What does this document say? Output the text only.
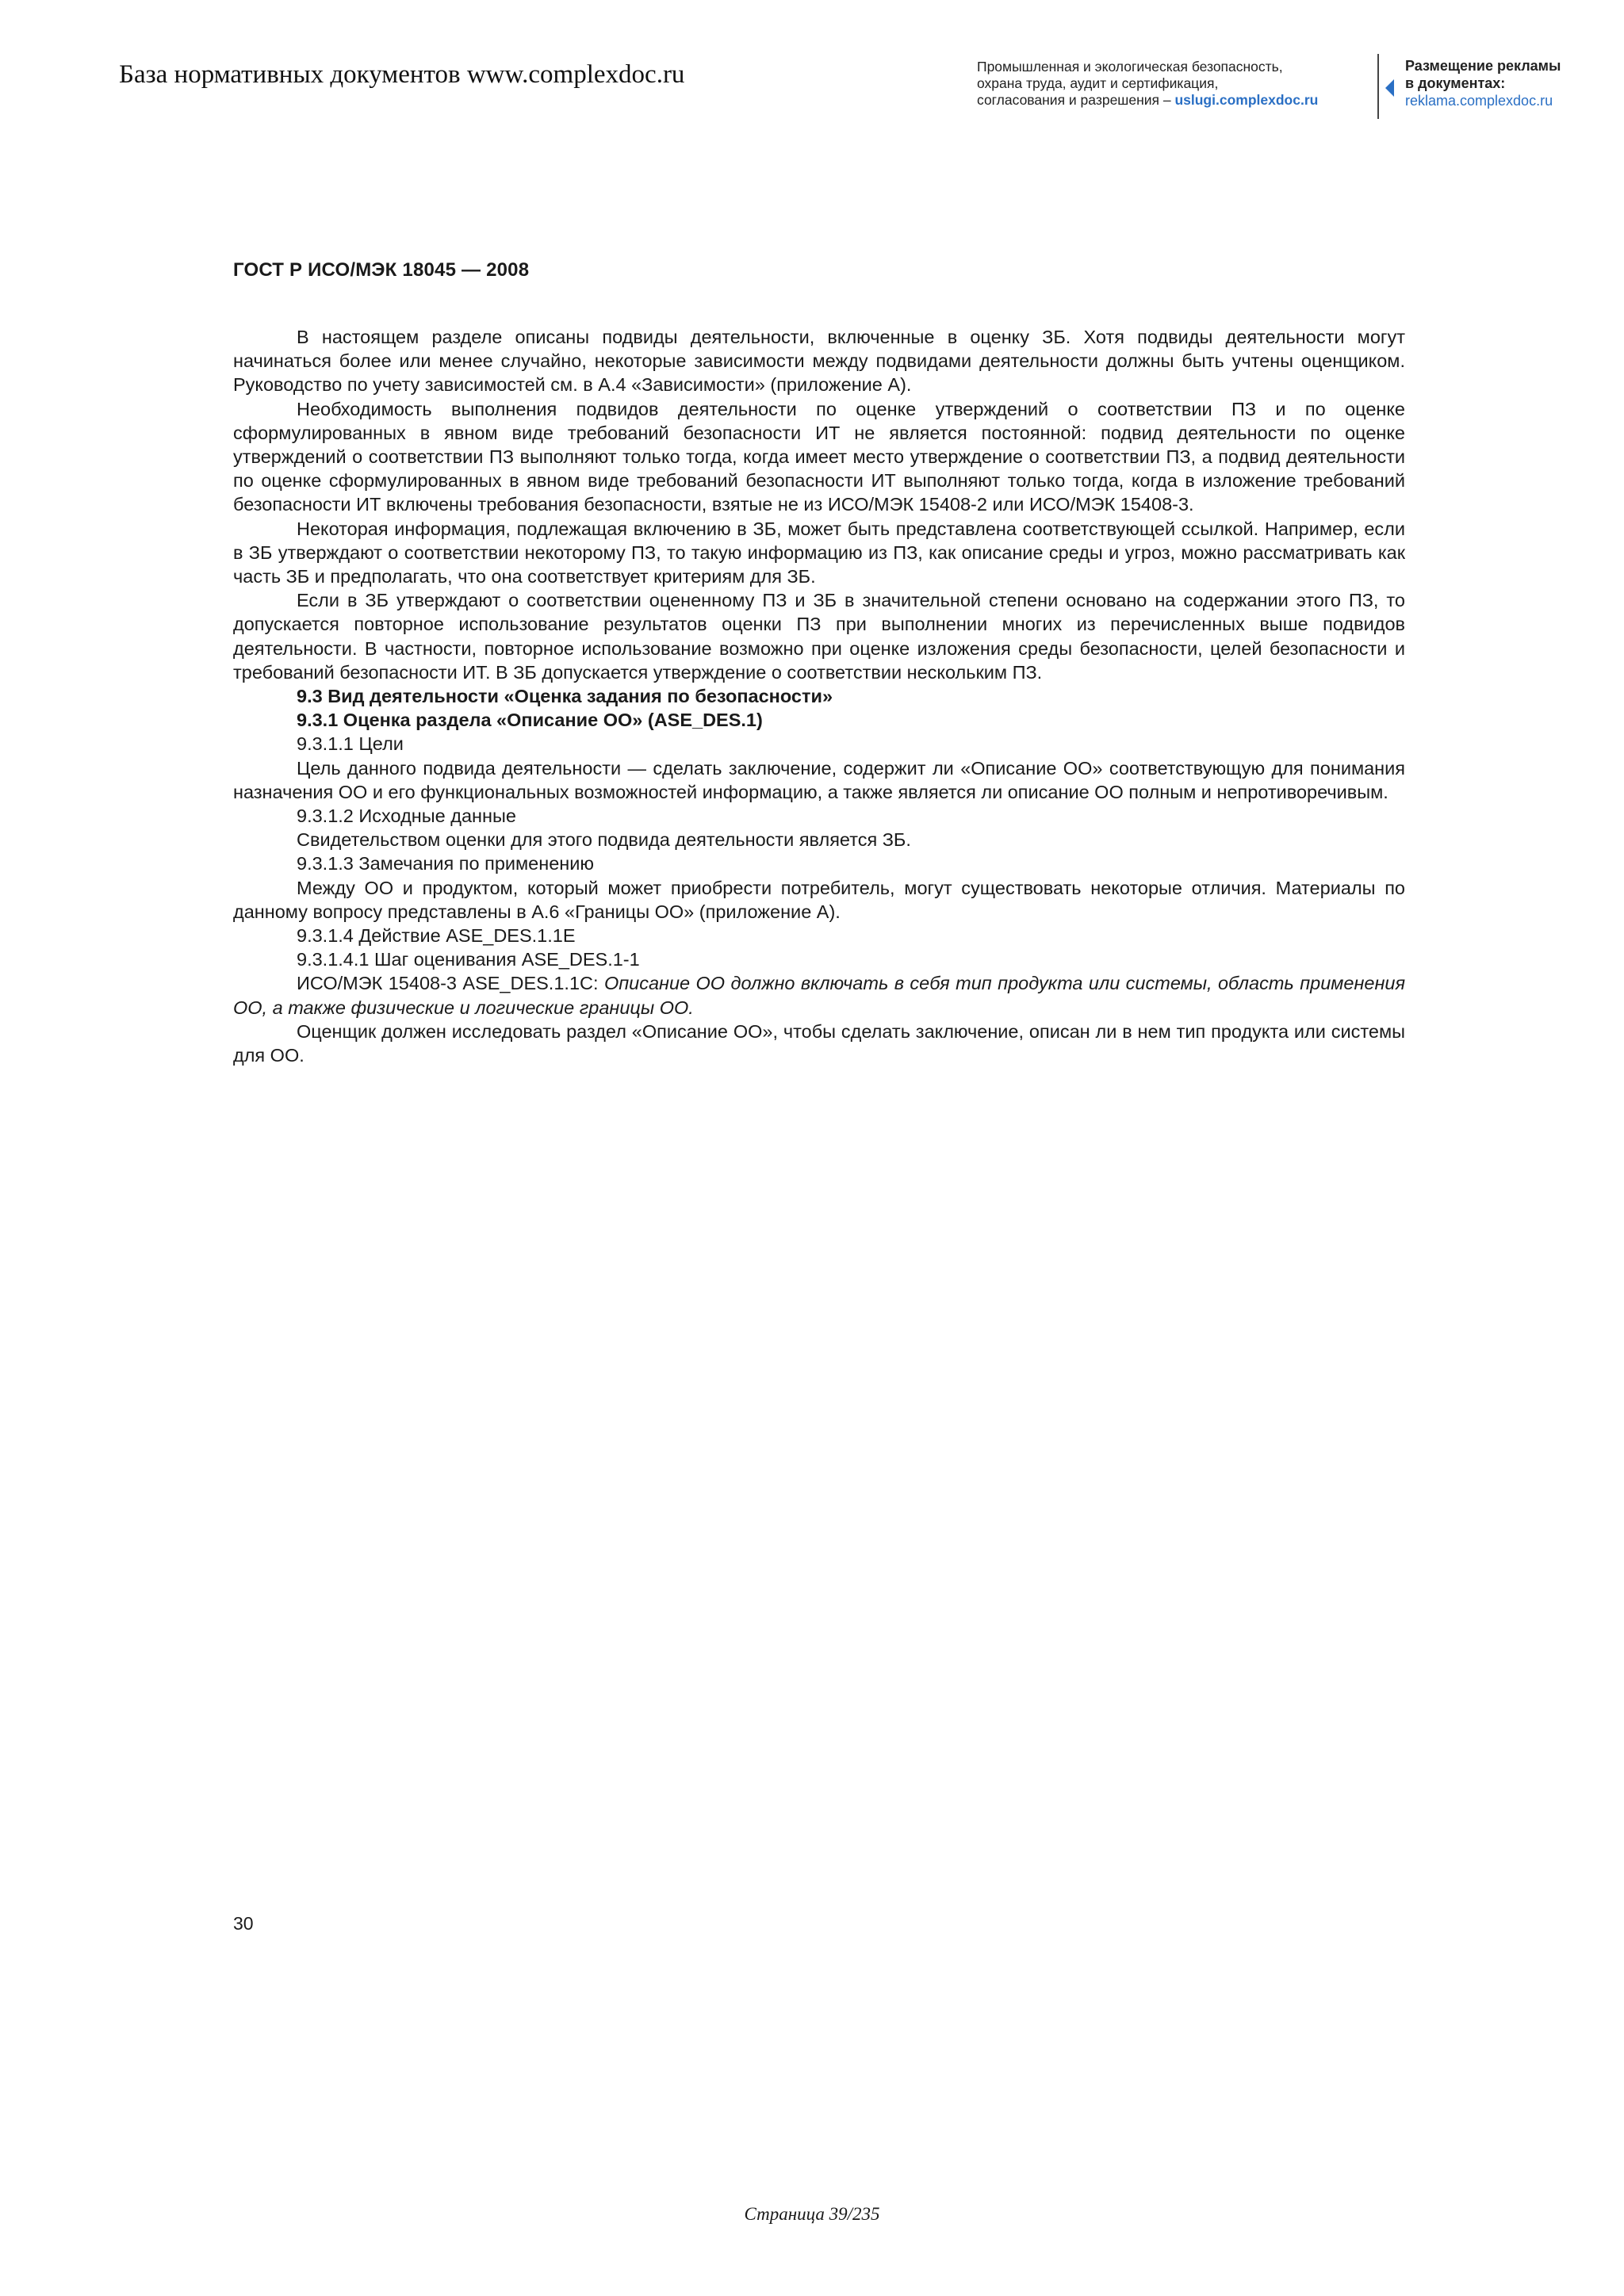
База нормативных документов www.complexdoc.ru	Промышленная и экологическая безопасность,
охрана труда, аудит и сертификация,
согласования и разрешения – uslugi.complexdoc.ru
Размещение рекламы
в документах:
reklama.complexdoc.ru
ГОСТ Р ИСО/МЭК 18045 — 2008

В настоящем разделе описаны подвиды деятельности, включенные в оценку ЗБ. Хотя подвиды деятельности могут начинаться более или менее случайно, некоторые зависимости между подвидами деятельности должны быть учтены оценщиком. Руководство по учету зависимостей см. в А.4 «Зависимости» (приложение А).

Необходимость выполнения подвидов деятельности по оценке утверждений о соответствии ПЗ и по оценке сформулированных в явном виде требований безопасности ИТ не является постоянной: подвид деятельности по оценке утверждений о соответствии ПЗ выполняют только тогда, когда имеет место утверждение о соответствии ПЗ, а подвид деятельности по оценке сформулированных в явном виде требований безопасности ИТ выполняют только тогда, когда в изложение требований безопасности ИТ включены требования безопасности, взятые не из ИСО/МЭК 15408-2 или ИСО/МЭК 15408-3.

Некоторая информация, подлежащая включению в ЗБ, может быть представлена соответствующей ссылкой. Например, если в ЗБ утверждают о соответствии некоторому ПЗ, то такую информацию из ПЗ, как описание среды и угроз, можно рассматривать как часть ЗБ и предполагать, что она соответствует критериям для ЗБ.

Если в ЗБ утверждают о соответствии оцененному ПЗ и ЗБ в значительной степени основано на содержании этого ПЗ, то допускается повторное использование результатов оценки ПЗ при выполнении многих из перечисленных выше подвидов деятельности. В частности, повторное использование возможно при оценке изложения среды безопасности, целей безопасности и требований безопасности ИТ. В ЗБ допускается утверждение о соответствии нескольким ПЗ.

9.3 Вид деятельности «Оценка задания по безопасности»

9.3.1 Оценка раздела «Описание ОО» (ASE_DES.1)

9.3.1.1 Цели

Цель данного подвида деятельности — сделать заключение, содержит ли «Описание ОО» соответствующую для понимания назначения ОО и его функциональных возможностей информацию, а также является ли описание ОО полным и непротиворечивым.

9.3.1.2 Исходные данные

Свидетельством оценки для этого подвида деятельности является ЗБ.

9.3.1.3 Замечания по применению

Между ОО и продуктом, который может приобрести потребитель, могут существовать некоторые отличия. Материалы по данному вопросу представлены в А.6 «Границы ОО» (приложение А).

9.3.1.4 Действие ASE_DES.1.1E

9.3.1.4.1 Шаг оценивания ASE_DES.1-1

ИСО/МЭК 15408-3 ASE_DES.1.1C: Описание ОО должно включать в себя тип продукта или системы, область применения ОО, а также физические и логические границы ОО.

Оценщик должен исследовать раздел «Описание ОО», чтобы сделать заключение, описан ли в нем тип продукта или системы для ОО.

30
Страница 39/235
